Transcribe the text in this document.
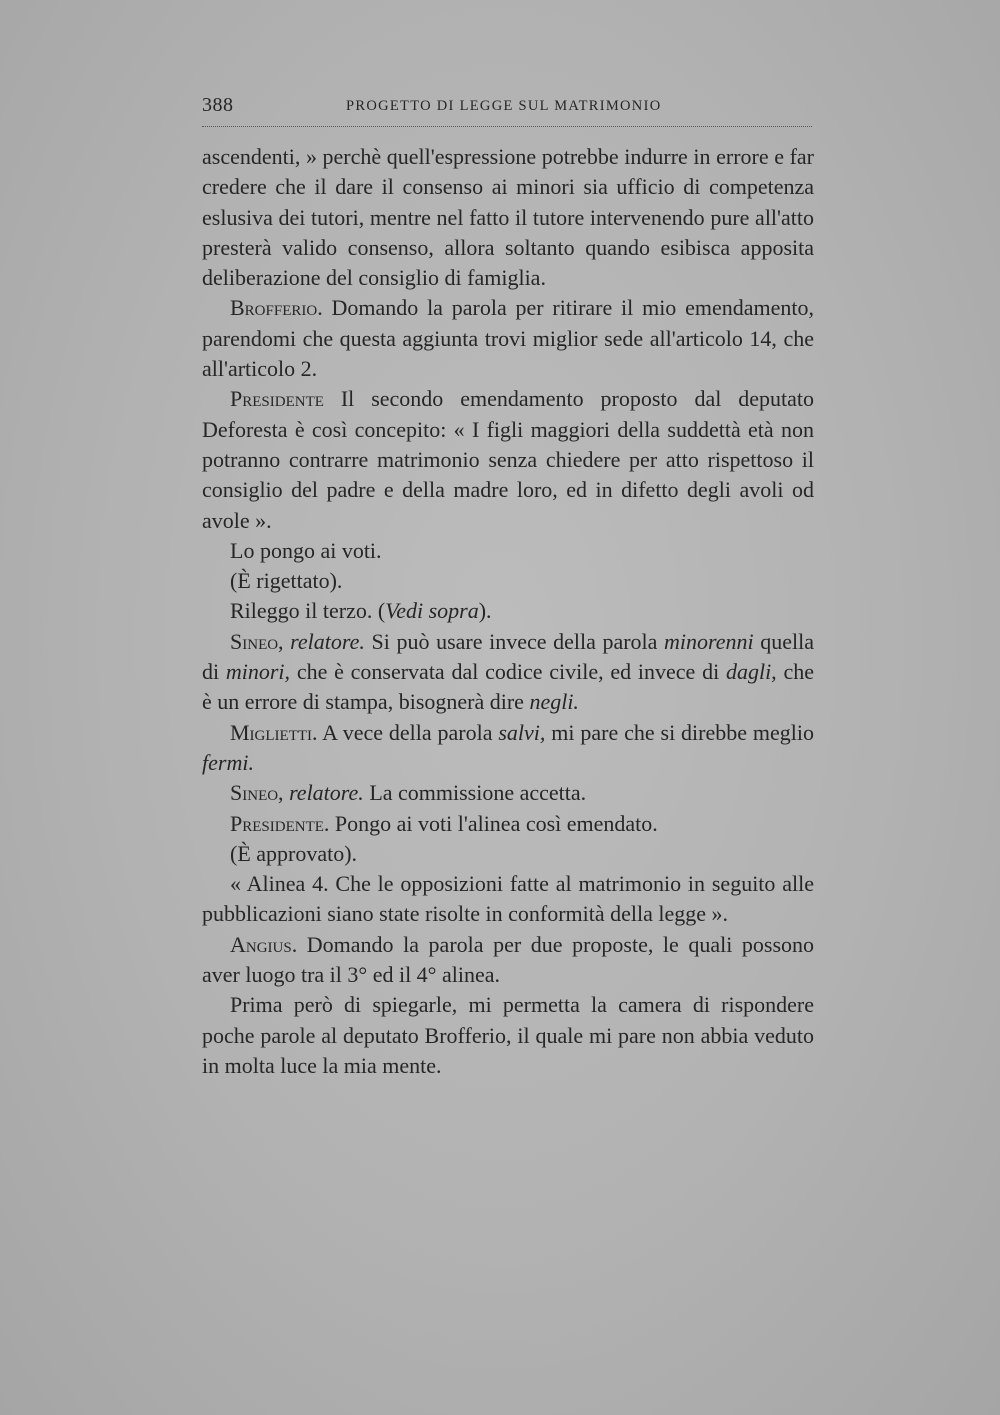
388	PROGETTO DI LEGGE SUL MATRIMONIO

ascendenti, » perchè quell'espressione potrebbe indurre in errore e far credere che il dare il consenso ai minori sia ufficio di competenza eslusiva dei tutori, mentre nel fatto il tutore intervenendo pure all'atto presterà valido consenso, allora soltanto quando esibisca apposita deliberazione del consiglio di famiglia.

Brofferio. Domando la parola per ritirare il mio emendamento, parendomi che questa aggiunta trovi miglior sede all'articolo 14, che all'articolo 2.

Presidente Il secondo emendamento proposto dal deputato Deforesta è così concepito: « I figli maggiori della suddettà età non potranno contrarre matrimonio senza chiedere per atto rispettoso il consiglio del padre e della madre loro, ed in difetto degli avoli od avole ».

Lo pongo ai voti.

(È rigettato).

Rileggo il terzo. (Vedi sopra).

Sineo, relatore. Si può usare invece della parola minorenni quella di minori, che è conservata dal codice civile, ed invece di dagli, che è un errore di stampa, bisognerà dire negli.

Miglietti. A vece della parola salvi, mi pare che si direbbe meglio fermi.

Sineo, relatore. La commissione accetta.

Presidente. Pongo ai voti l'alinea così emendato.

(È approvato).

« Alinea 4. Che le opposizioni fatte al matrimonio in seguito alle pubblicazioni siano state risolte in conformità della legge ».

Angius. Domando la parola per due proposte, le quali possono aver luogo tra il 3° ed il 4° alinea.

Prima però di spiegarle, mi permetta la camera di rispondere poche parole al deputato Brofferio, il quale mi pare non abbia veduto in molta luce la mia mente.
